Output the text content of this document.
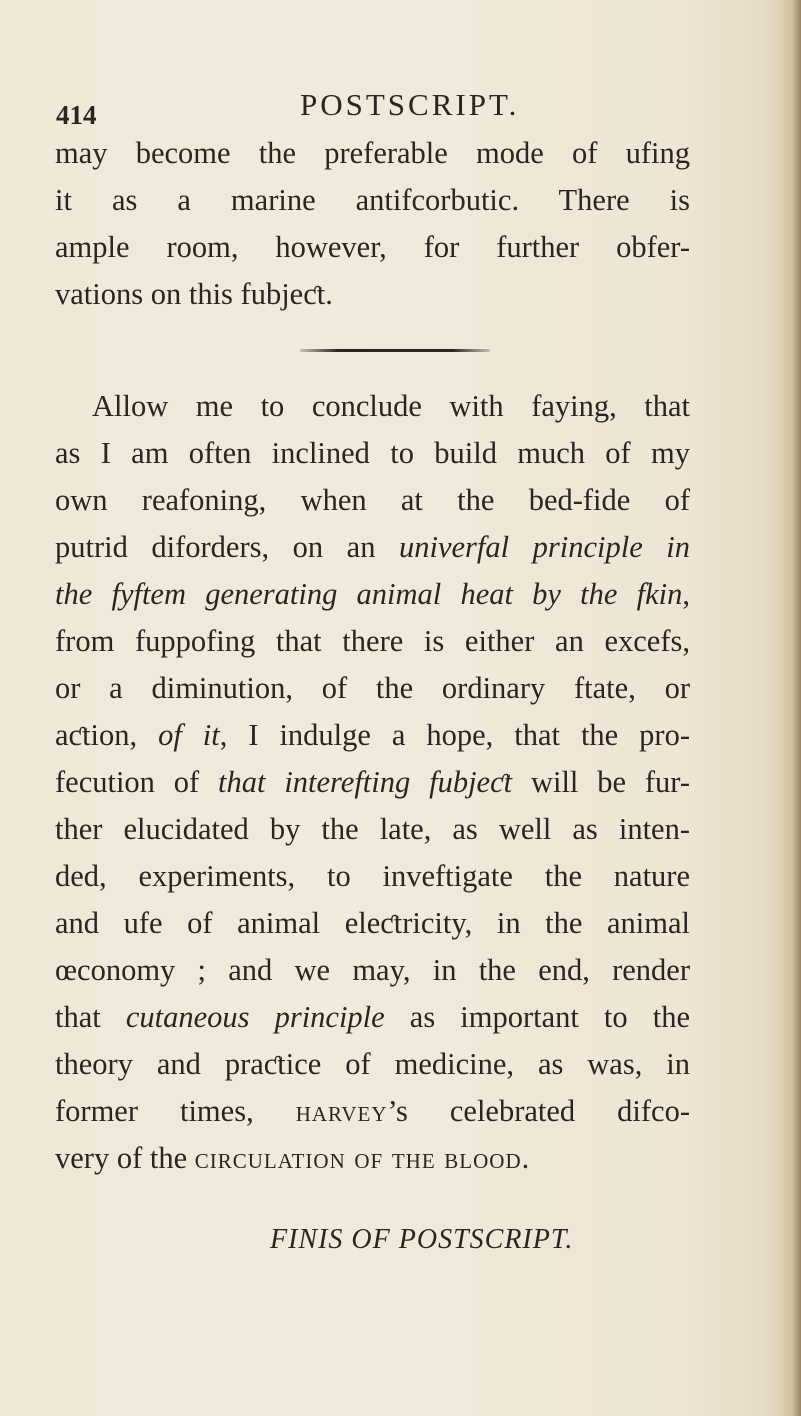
414	POSTSCRIPT.
may become the preferable mode of ufing
it as a marine antifcorbutic. There is
ample room, however, for further obfer-
vations on this fubjeƈt.
Allow me to conclude with faying, that
as I am often inclined to build much of my
own reafoning, when at the bed-fide of
putrid diforders, on an univerfal principle in
the fyftem generating animal heat by the fkin,
from fuppofing that there is either an excefs,
or a diminution, of the ordinary ftate, or
aƈtion, of it, I indulge a hope, that the pro-
fecution of that interefting fubjeƈt will be fur-
ther elucidated by the late, as well as inten-
ded, experiments, to inveftigate the nature
and ufe of animal eleƈtricity, in the animal
œconomy ; and we may, in the end, render
that cutaneous principle as important to the
theory and praƈtice of medicine, as was, in
former times, harvey’s celebrated difco-
very of the circulation of the blood.
FINIS OF POSTSCRIPT.
